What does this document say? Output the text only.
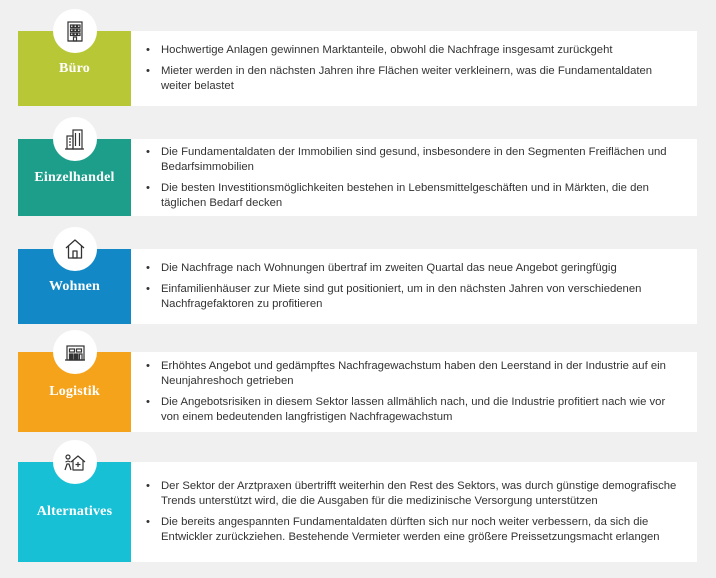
Büro
• Hochwertige Anlagen gewinnen Marktanteile, obwohl die Nachfrage insgesamt zurückgeht
• Mieter werden in den nächsten Jahren ihre Flächen weiter verkleinern, was die Fundamentaldaten weiter belastet
Einzelhandel
• Die Fundamentaldaten der Immobilien sind gesund, insbesondere in den Segmenten Freiflächen und Bedarfsimmobilien
• Die besten Investitionsmöglichkeiten bestehen in Lebensmittelgeschäften und in Märkten, die den täglichen Bedarf decken
Wohnen
• Die Nachfrage nach Wohnungen übertraf im zweiten Quartal das neue Angebot geringfügig
• Einfamilienhäuser zur Miete sind gut positioniert, um in den nächsten Jahren von verschiedenen Nachfragefaktoren zu profitieren
Logistik
• Erhöhtes Angebot und gedämpftes Nachfragewachstum haben den Leerstand in der Industrie auf ein Neunjahreshoch getrieben
• Die Angebotsrisiken in diesem Sektor lassen allmählich nach, und die Industrie profitiert nach wie vor von einem bedeutenden langfristigen Nachfragewachstum
Alternatives
• Der Sektor der Arztpraxen übertrifft weiterhin den Rest des Sektors, was durch günstige demografische Trends unterstützt wird, die die Ausgaben für die medizinische Versorgung unterstützen
• Die bereits angespannten Fundamentaldaten dürften sich nur noch weiter verbessern, da sich die Entwickler zurückziehen. Bestehende Vermieter werden eine größere Preissetzungsmacht erlangen
